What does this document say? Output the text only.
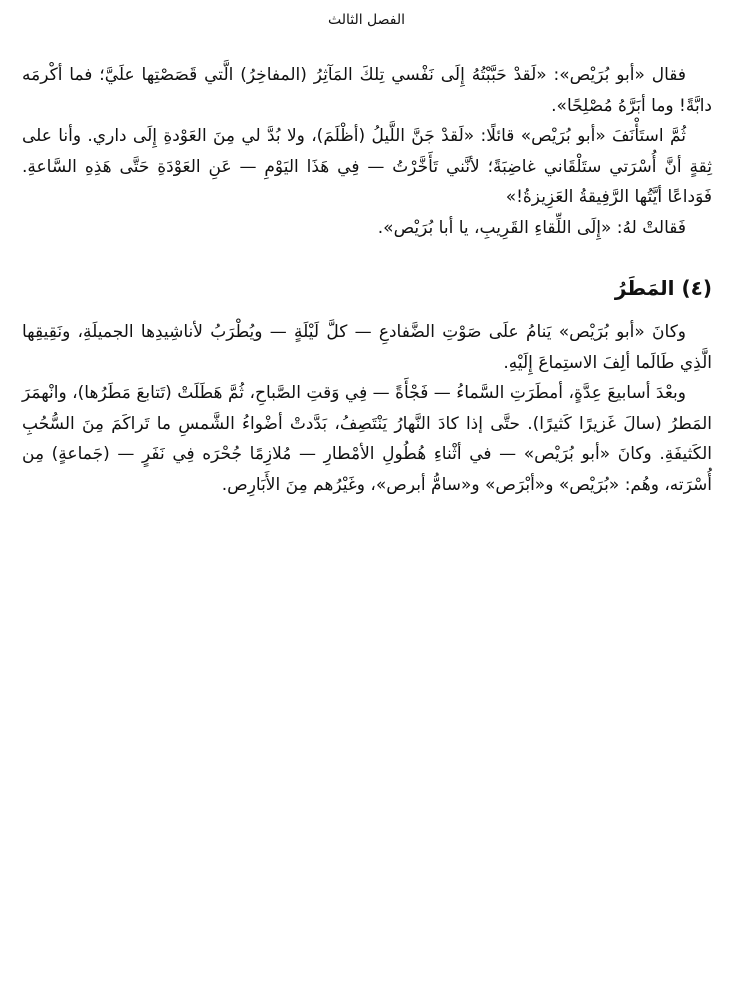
الفصل الثالث

فقال «أبو بُرَيْص»: «لَقدْ حَبَّبْتُهُ إِلَى نَفْسي تِلكَ المَآثِرُ (المفاخِرُ) الَّتي قَصَصْتِها علَيَّ؛ فما أكْرمَه دابَّةً! وما أبَرَّهُ مُصْلِحًا».

ثُمَّ استَأْنَفَ «أبو بُرَيْص» قائلًا: «لَقدْ جَنَّ اللَّيلُ (أظْلَمَ)، ولا بُدَّ لي مِنَ العَوْدةِ إِلَى داري. وأنا على ثِقةٍ أنَّ أُسْرَتي ستَلْقَاني غاضِبَةً؛ لأنَّني تَأَخَّرْتُ — فِي هَذَا اليَوْمِ — عَنِ العَوْدَةِ حَتَّى هَذِهِ السَّاعةِ. فَوَداعًا أيَّتُها الرَّفِيقةُ العَزِيزةُ!»

فَقالتْ لهُ: «إِلَى اللِّقاءِ القَرِيبِ، يا أبا بُرَيْص».

(٤) المَطَرُ

وكانَ «أبو بُرَيْص» يَنامُ علَى صَوْتِ الضَّفادعِ — كلَّ لَيْلَةٍ — ويُطْرَبُ لأناشِيدِها الجميلَةِ، ونَقِيقِها الَّذِي طَالَما ألِفَ الاستِماعَ إِلَيْهِ.

وبعْدَ أسابيعَ عِدَّةٍ، أمطَرَتِ السَّماءُ — فَجْأَةً — فِي وَقتِ الصَّباحِ، ثُمَّ هَطَلَتْ (تَتابعَ مَطَرُها)، وانْهمَرَ المَطرُ (سالَ غَزيرًا كَثيرًا). حتَّى إذا كادَ النَّهارُ يَنْتَصِفُ، بَدَّدتْ أضْواءُ الشَّمسِ ما تَراكَمَ مِنَ السُّحُبِ الكَثيفَةِ. وكانَ «أبو بُرَيْص» — في أثْناءِ هُطُولِ الأمْطارِ — مُلازِمًا جُحْرَه فِي نَفَرٍ — (جَماعةٍ) مِن أُسْرَته، وهُم: «بُرَيْص» و«أبْرَص» و«سامُّ أبرص»، وغَيْرُهم مِنَ الأَبَارِص.
